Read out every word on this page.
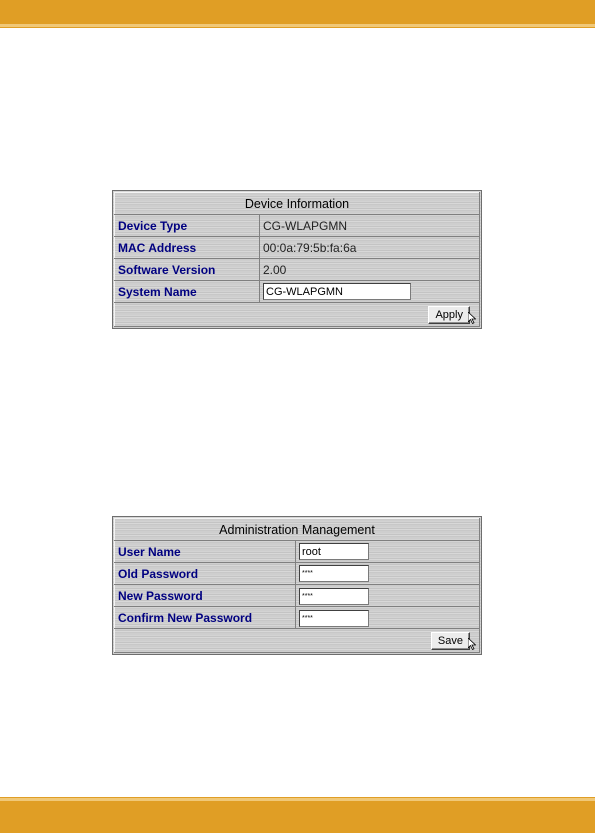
Device Information	
Device Type	CG-WLAPGMN
MAC Address	00:0a:79:5b:fa:6a
Software Version	2.00
System Name	CG-WLAPGMN
Apply	
Administration Management	
User Name	root
Old Password	****
New Password	****
Confirm New Password	****
Save	
